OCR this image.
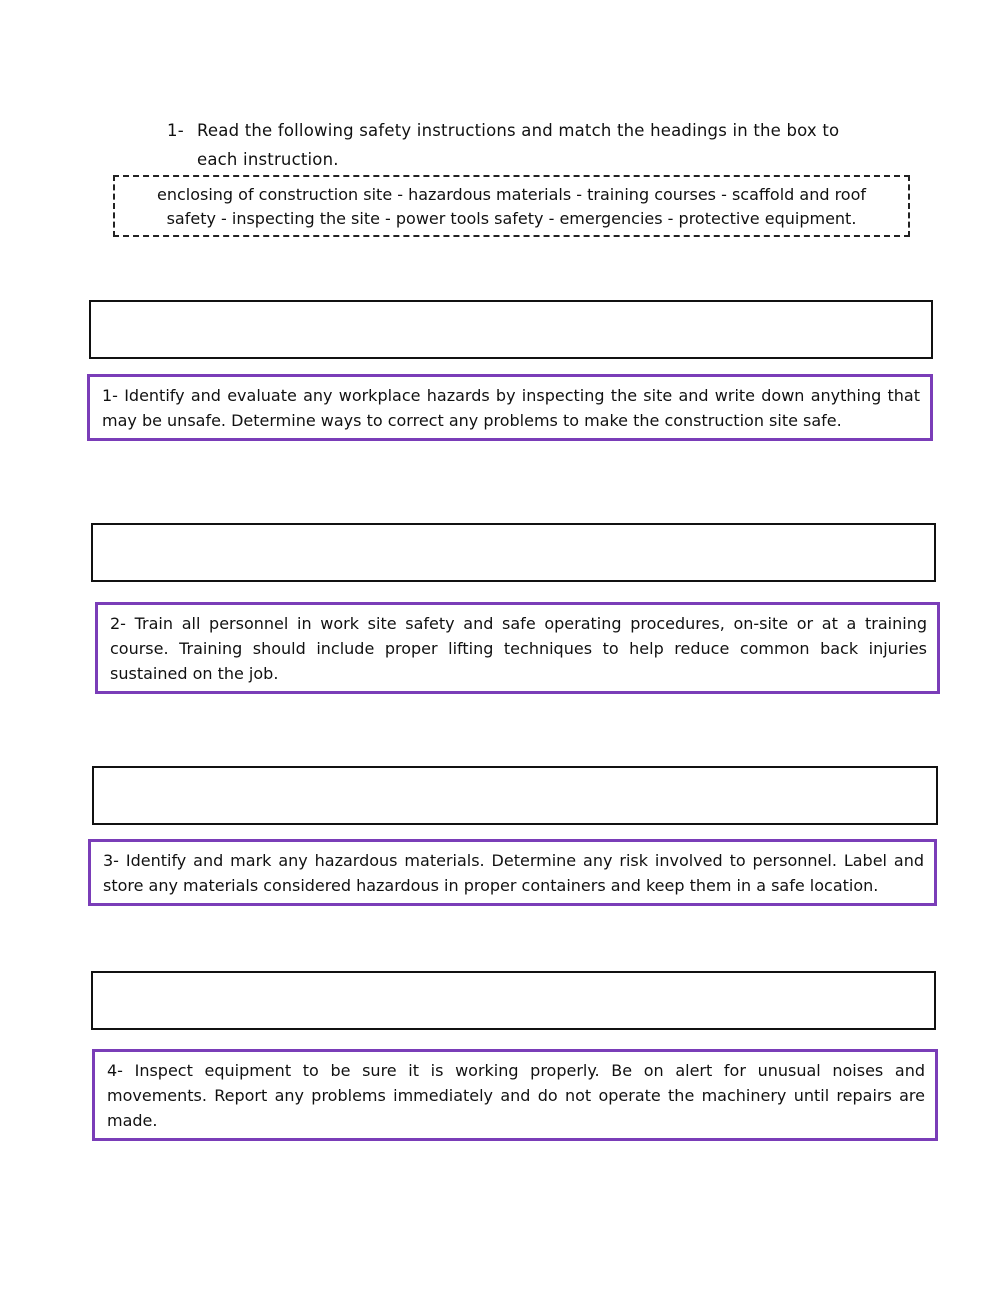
1- Read the following safety instructions and match the headings in the box to
each instruction.
enclosing of construction site - hazardous materials - training courses - scaffold and roof
safety - inspecting the site - power tools safety - emergencies - protective equipment.
1- Identify and evaluate any workplace hazards by inspecting the site and write down anything that may be unsafe. Determine ways to correct any problems to make the construction site safe.
2- Train all personnel in work site safety and safe operating procedures, on-site or at a training course. Training should include proper lifting techniques to help reduce common back injuries sustained on the job.
3- Identify and mark any hazardous materials. Determine any risk involved to personnel. Label and store any materials considered hazardous in proper containers and keep them in a safe location.
4- Inspect equipment to be sure it is working properly. Be on alert for unusual noises and movements. Report any problems immediately and do not operate the machinery until repairs are made.
